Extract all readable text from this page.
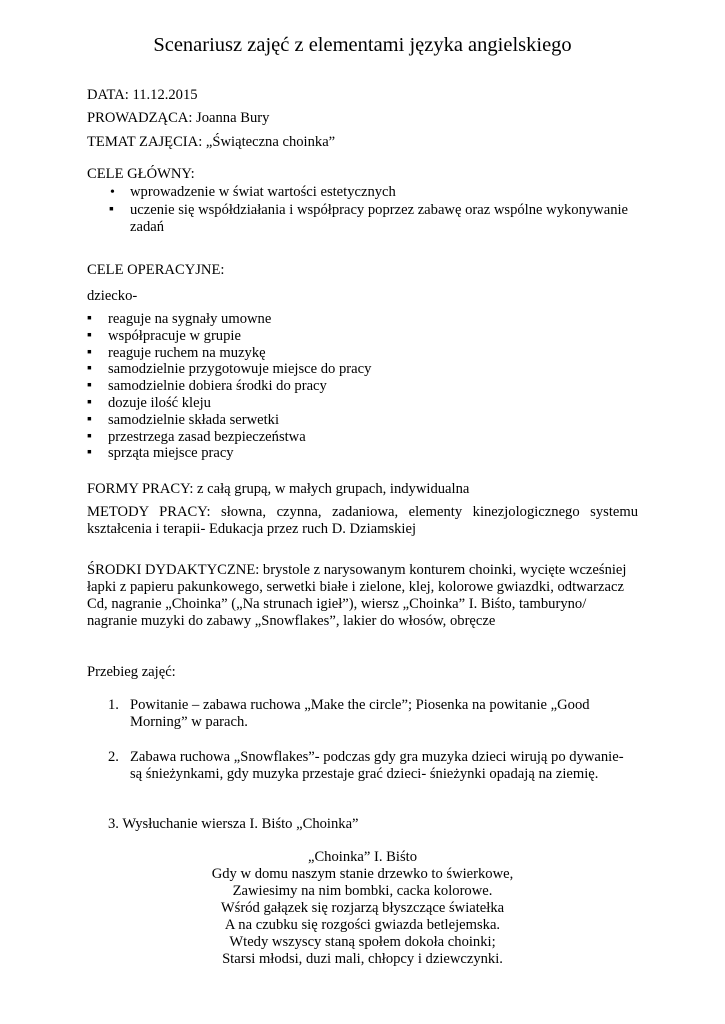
Scenariusz zajęć z elementami języka angielskiego
DATA: 11.12.2015
PROWADZĄCA: Joanna Bury
TEMAT ZAJĘCIA: „Świąteczna choinka”
CELE GŁÓWNY:
• wprowadzenie w świat wartości estetycznych
▪ uczenie się współdziałania i współpracy poprzez zabawę oraz wspólne wykonywanie
zadań
CELE OPERACYJNE:
dziecko-
▪ reaguje na sygnały umowne
▪ współpracuje w grupie
▪ reaguje ruchem na muzykę
▪ samodzielnie przygotowuje miejsce do pracy
▪ samodzielnie dobiera środki do pracy
▪ dozuje ilość kleju
▪ samodzielnie składa serwetki
▪ przestrzega zasad bezpieczeństwa
▪ sprząta miejsce pracy
FORMY PRACY: z całą grupą, w małych grupach, indywidualna
METODY PRACY: słowna, czynna, zadaniowa, elementy kinezjologicznego systemu
kształcenia i terapii- Edukacja przez ruch D. Dziamskiej
ŚRODKI DYDAKTYCZNE: brystole z narysowanym konturem choinki, wycięte wcześniej
łapki z papieru pakunkowego, serwetki białe i zielone, klej, kolorowe gwiazdki, odtwarzacz
Cd, nagranie „Choinka” („Na strunach igieł”), wiersz „Choinka” I. Biśto, tamburyno/
nagranie muzyki do zabawy „Snowflakes”, lakier do włosów, obręcze
Przebieg zajęć:
1. Powitanie – zabawa ruchowa „Make the circle”; Piosenka na powitanie „Good
Morning” w parach.
2. Zabawa ruchowa „Snowflakes”- podczas gdy gra muzyka dzieci wirują po dywanie-
są śnieżynkami, gdy muzyka przestaje grać dzieci- śnieżynki opadają na ziemię.
3. Wysłuchanie wiersza I. Biśto „Choinka”
„Choinka” I. Biśto
Gdy w domu naszym stanie drzewko to świerkowe,
Zawiesimy na nim bombki, cacka kolorowe.
Wśród gałązek się rozjarzą błyszczące światełka
A na czubku się rozgości gwiazda betlejemska.
Wtedy wszyscy staną społem dokoła choinki;
Starsi młodsi, duzi mali, chłopcy i dziewczynki.
